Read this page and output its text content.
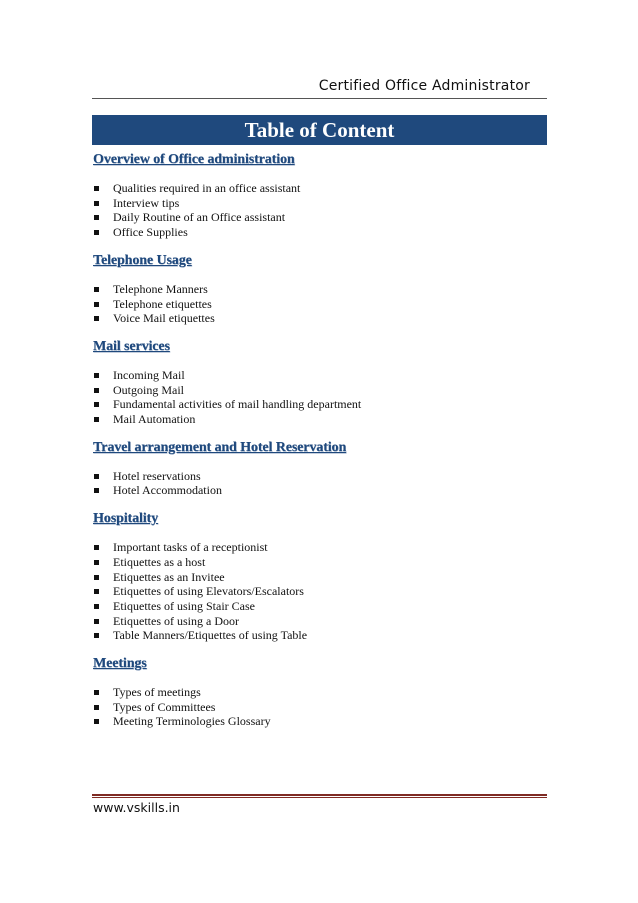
Certified Office Administrator
Table of Content

Overview of Office administration

Qualities required in an office assistant
Interview tips
Daily Routine of an Office assistant
Office Supplies

Telephone Usage

Telephone Manners
Telephone etiquettes
Voice Mail etiquettes

Mail services

Incoming Mail
Outgoing Mail
Fundamental activities of mail handling department
Mail Automation

Travel arrangement and Hotel Reservation

Hotel reservations
Hotel Accommodation

Hospitality

Important tasks of a receptionist
Etiquettes as a host
Etiquettes as an Invitee
Etiquettes of using Elevators/Escalators
Etiquettes of using Stair Case
Etiquettes of using a Door
Table Manners/Etiquettes of using Table

Meetings

Types of meetings
Types of Committees
Meeting Terminologies Glossary
www.vskills.in
